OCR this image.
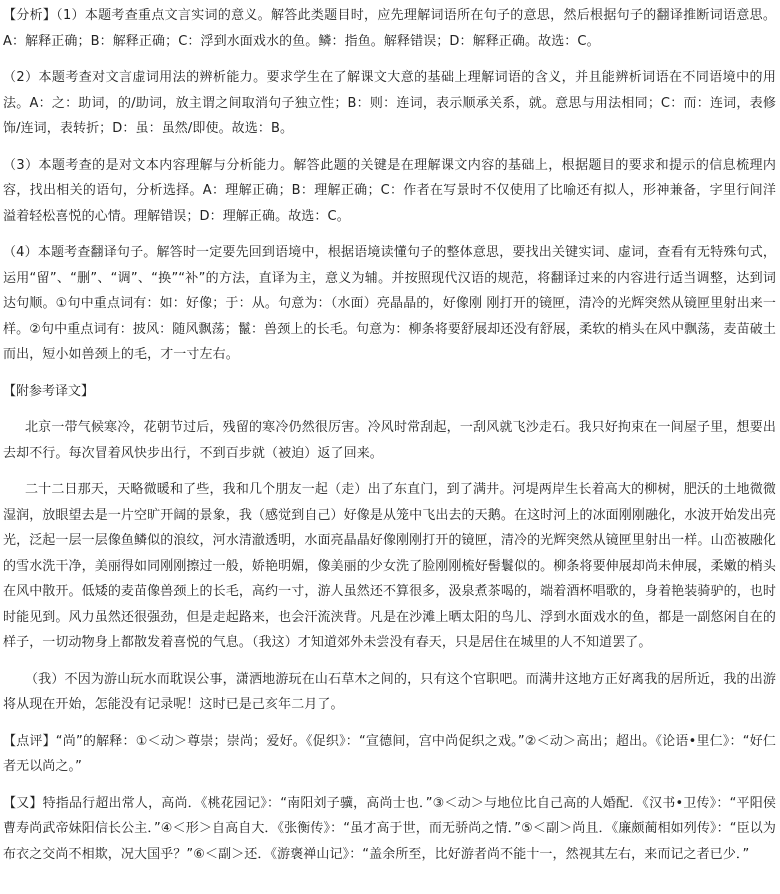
【分析】（1）本题考查重点文言实词的意义。解答此类题目时，应先理解词语所在句子的意思，然后根据句子的翻译推断词语意思。A：解释正确；B：解释正确；C：浮到水面戏水的鱼。鳞：指鱼。解释错误；D：解释正确。故选：C。

（2）本题考查对文言虚词用法的辨析能力。要求学生在了解课文大意的基础上理解词语的含义，并且能辨析词语在不同语境中的用法。A：之：助词，的/助词，放主谓之间取消句子独立性；B：则：连词，表示顺承关系，就。意思与用法相同；C：而：连词，表修饰/连词，表转折；D：虽：虽然/即使。故选：B。

（3）本题考查的是对文本内容理解与分析能力。解答此题的关键是在理解课文内容的基础上，根据题目的要求和提示的信息梳理内容，找出相关的语句，分析选择。A：理解正确；B：理解正确；C：作者在写景时不仅使用了比喻还有拟人，形神兼备，字里行间洋溢着轻松喜悦的心情。理解错误；D：理解正确。故选：C。

（4）本题考查翻译句子。解答时一定要先回到语境中，根据语境读懂句子的整体意思，要找出关键实词、虚词，查看有无特殊句式，运用“留”、“删”、“调”、“换”“补”的方法，直译为主，意义为辅。并按照现代汉语的规范，将翻译过来的内容进行适当调整，达到词达句顺。①句中重点词有：如：好像；于：从。句意为：（水面）亮晶晶的，好像刚 刚打开的镜匣，清冷的光辉突然从镜匣里射出来一样。②句中重点词有：披风：随风飘荡；鬣：兽颈上的长毛。句意为：柳条将要舒展却还没有舒展，柔软的梢头在风中飘荡，麦苗破土而出，短小如兽颈上的毛，才一寸左右。

【附参考译文】

北京一带气候寒冷，花朝节过后，残留的寒冷仍然很厉害。冷风时常刮起，一刮风就飞沙走石。我只好拘束在一间屋子里，想要出去却不行。每次冒着风快步出行，不到百步就（被迫）返了回来。

二十二日那天，天略微暖和了些，我和几个朋友一起（走）出了东直门，到了满井。河堤两岸生长着高大的柳树，肥沃的土地微微湿润，放眼望去是一片空旷开阔的景象，我（感觉到自己）好像是从笼中飞出去的天鹅。在这时河上的冰面刚刚融化，水波开始发出亮光，泛起一层一层像鱼鳞似的浪纹，河水清澈透明，水面亮晶晶好像刚刚打开的镜匣，清冷的光辉突然从镜匣里射出一样。山峦被融化的雪水洗干净，美丽得如同刚刚擦过一般，娇艳明媚，像美丽的少女洗了脸刚刚梳好髻鬟似的。柳条将要伸展却尚未伸展，柔嫩的梢头在风中散开。低矮的麦苗像兽颈上的长毛，高约一寸，游人虽然还不算很多，汲泉煮茶喝的，端着酒杯唱歌的，身着艳装骑驴的，也时时能见到。风力虽然还很强劲，但是走起路来，也会汗流浃背。凡是在沙滩上晒太阳的鸟儿、浮到水面戏水的鱼，都是一副悠闲自在的样子，一切动物身上都散发着喜悦的气息。（我这）才知道郊外未尝没有春天，只是居住在城里的人不知道罢了。

（我）不因为游山玩水而耽误公事，潇洒地游玩在山石草木之间的，只有这个官职吧。而满井这地方正好离我的居所近，我的出游将从现在开始，怎能没有记录呢！这时已是己亥年二月了。

【点评】“尚”的解释：①＜动＞尊崇；崇尚；爱好。《促织》：“宣德间，宫中尚促织之戏。”②＜动＞高出；超出。《论语•里仁》：“好仁者无以尚之。”

【又】特指品行超出常人，高尚．《桃花园记》：“南阳刘子骥，高尚士也．”③＜动＞与地位比自己高的人婚配．《汉书•卫传》：“平阳侯曹寿尚武帝妹阳信长公主．”④＜形＞自高自大．《张衡传》：“虽才高于世，而无骄尚之情．”⑤＜副＞尚且．《廉颇蔺相如列传》：“臣以为布衣之交尚不相欺，况大国乎？”⑥＜副＞还．《游褒禅山记》：“盖余所至，比好游者尚不能十一，然视其左右，来而记之者已少．”
